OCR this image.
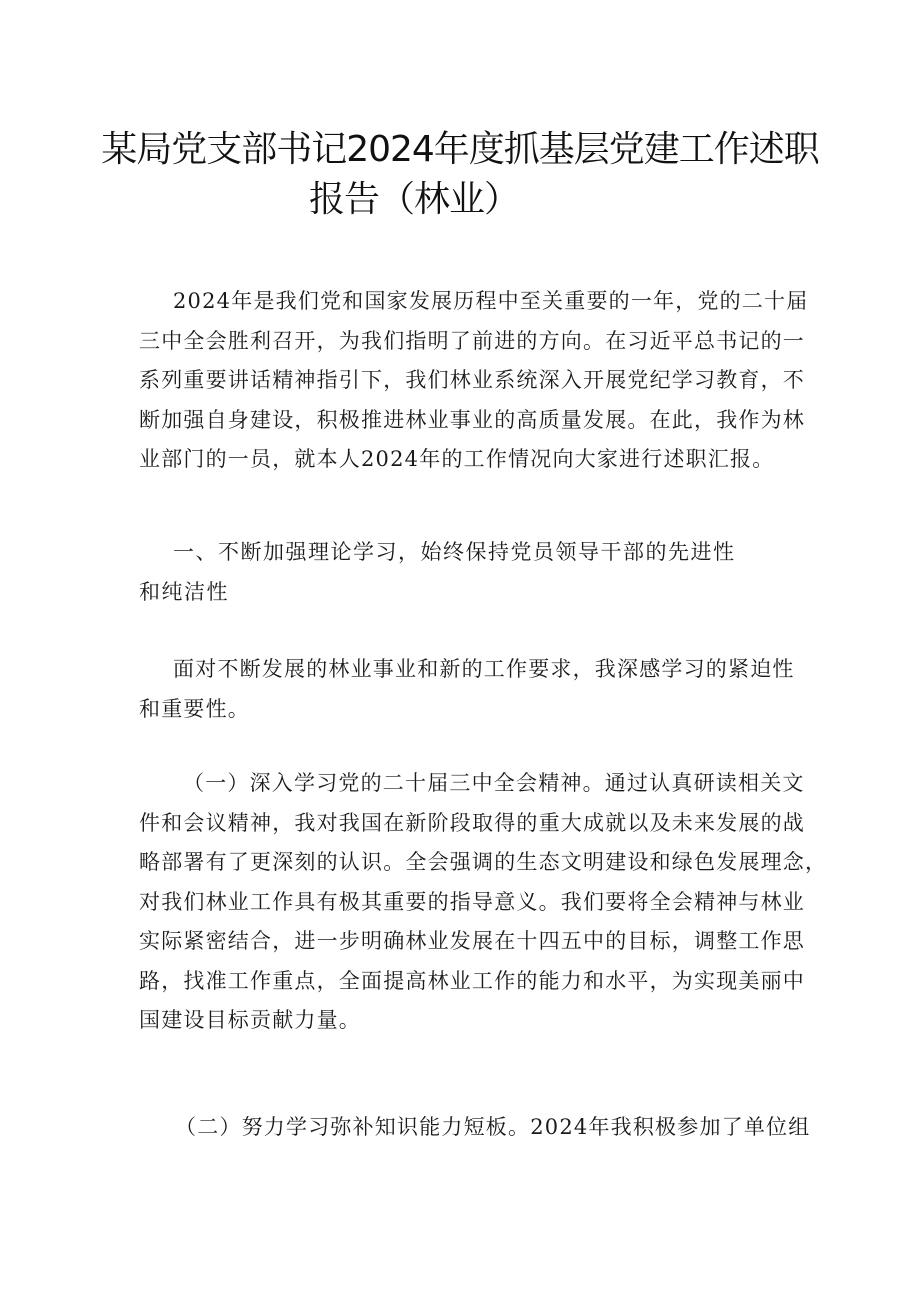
某局党支部书记2024年度抓基层党建工作述职
报告（林业）

2024年是我们党和国家发展历程中至关重要的一年，党的二十届
三中全会胜利召开，为我们指明了前进的方向。在习近平总书记的一
系列重要讲话精神指引下，我们林业系统深入开展党纪学习教育，不
断加强自身建设，积极推进林业事业的高质量发展。在此，我作为林
业部门的一员，就本人2024年的工作情况向大家进行述职汇报。

一、不断加强理论学习，始终保持党员领导干部的先进性
和纯洁性

面对不断发展的林业事业和新的工作要求，我深感学习的紧迫性
和重要性。

（一）深入学习党的二十届三中全会精神。通过认真研读相关文
件和会议精神，我对我国在新阶段取得的重大成就以及未来发展的战
略部署有了更深刻的认识。全会强调的生态文明建设和绿色发展理念，
对我们林业工作具有极其重要的指导意义。我们要将全会精神与林业
实际紧密结合，进一步明确林业发展在十四五中的目标，调整工作思
路，找准工作重点，全面提高林业工作的能力和水平，为实现美丽中
国建设目标贡献力量。

（二）努力学习弥补知识能力短板。2024年我积极参加了单位组
